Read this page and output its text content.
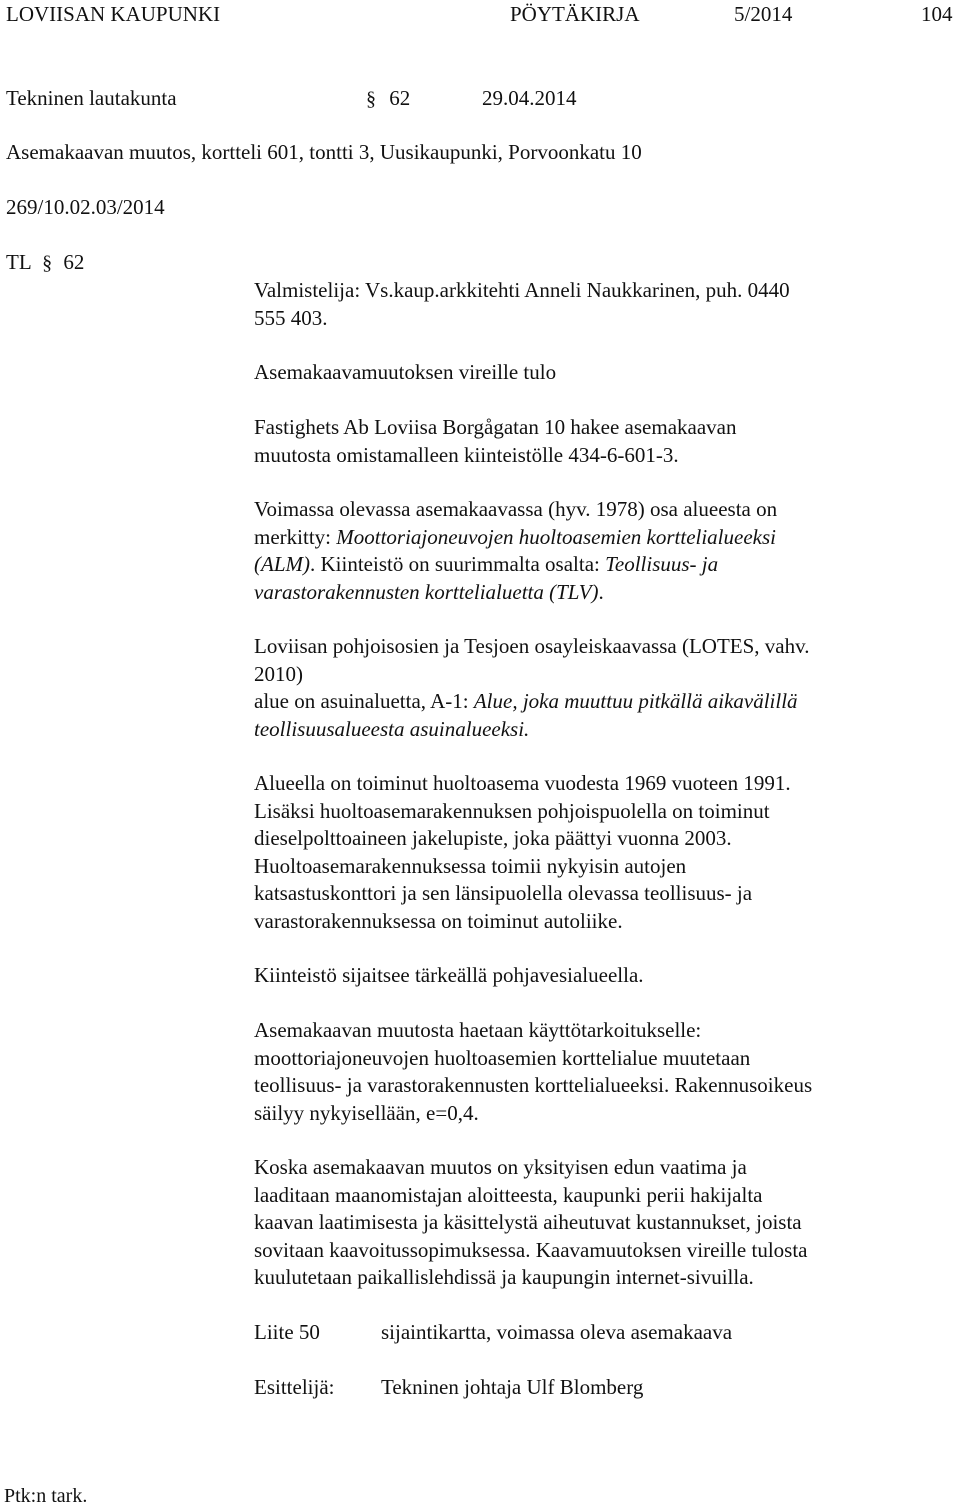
LOVIISAN KAUPUNKI	PÖYTÄKIRJA	5/2014	104
Tekninen lautakunta	§ 62	29.04.2014
Asemakaavan muutos, kortteli 601, tontti 3, Uusikaupunki, Porvoonkatu 10
269/10.02.03/2014
TL § 62

Valmistelija: Vs.kaup.arkkitehti Anneli Naukkarinen, puh. 0440

555 403.

Asemakaavamuutoksen vireille tulo

Fastighets Ab Loviisa Borgågatan 10 hakee asemakaavan

muutosta omistamalleen kiinteistölle 434-6-601-3.

Voimassa olevassa asemakaavassa (hyv. 1978) osa alueesta on

merkitty: Moottoriajoneuvojen huoltoasemien korttelialueeksi

(ALM). Kiinteistö on suurimmalta osalta: Teollisuus- ja

varastorakennusten korttelialuetta (TLV).

Loviisan pohjoisosien ja Tesjoen osayleiskaavassa (LOTES, vahv.

2010)

alue on asuinaluetta, A-1: Alue, joka muuttuu pitkällä aikavälillä

teollisuusalueesta asuinalueeksi.

Alueella on toiminut huoltoasema vuodesta 1969 vuoteen 1991.

Lisäksi huoltoasemarakennuksen pohjoispuolella on toiminut

dieselpolttoaineen jakelupiste, joka päättyi vuonna 2003.

Huoltoasemarakennuksessa toimii nykyisin autojen

katsastuskonttori ja sen länsipuolella olevassa teollisuus- ja

varastorakennuksessa on toiminut autoliike.

Kiinteistö sijaitsee tärkeällä pohjavesialueella.

Asemakaavan muutosta haetaan käyttötarkoitukselle:

moottoriajoneuvojen huoltoasemien korttelialue muutetaan

teollisuus- ja varastorakennusten korttelialueeksi. Rakennusoikeus

säilyy nykyisellään, e=0,4.

Koska asemakaavan muutos on yksityisen edun vaatima ja

laaditaan maanomistajan aloitteesta, kaupunki perii hakijalta

kaavan laatimisesta ja käsittelystä aiheutuvat kustannukset, joista

sovitaan kaavoitussopimuksessa. Kaavamuutoksen vireille tulosta

kuulutetaan paikallislehdissä ja kaupungin internet-sivuilla.

Liite 50	sijaintikartta, voimassa oleva asemakaava
Esittelijä: Tekninen johtaja Ulf Blomberg
Ptk:n tark.
